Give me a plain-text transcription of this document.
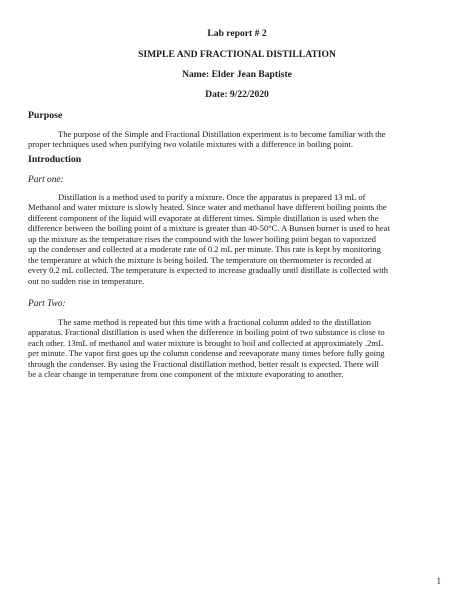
Lab report # 2
SIMPLE AND FRACTIONAL DISTILLATION
Name: Elder Jean Baptiste
Date: 9/22/2020
Purpose
The purpose of the Simple and Fractional Distillation experiment is to become familiar with the
proper techniques used when purifying two volatile mixtures with a difference in boiling point.
Introduction
Part one:
Distillation is a method used to purify a mixture. Once the apparatus is prepared 13 mL of
Methanol and water mixture is slowly heated. Since water and methanol have different boiling points the
different component of the liquid will evaporate at different times. Simple distillation is used when the
difference between the boiling point of a mixture is greater than 40-50°C. A Bunsen burner is used to heat
up the mixture as the temperature rises the compound with the lower boiling point began to vaporized
up the condenser and collected at a moderate rate of 0.2 mL per minute. This rate is kept by monitoring
the temperature at which the mixture is being boiled. The temperature on thermometer is recorded at
every 0.2 mL collected. The temperature is expected to increase gradually until distillate is collected with
out no sudden rise in temperature.
Part Two:
The same method is repeated but this time with a fractional column added to the distillation
apparatus. Fractional distillation is used when the difference in boiling point of two substance is close to
each other. 13mL of methanol and water mixture is brought to boil and collected at approximately .2mL
per minute. The vapor first goes up the column condense and reevaporate many times before fully going
through the condenser. By using the Fractional distillation method, better result is expected. There will
be a clear change in temperature from one component of the mixture evaporating to another.
1
